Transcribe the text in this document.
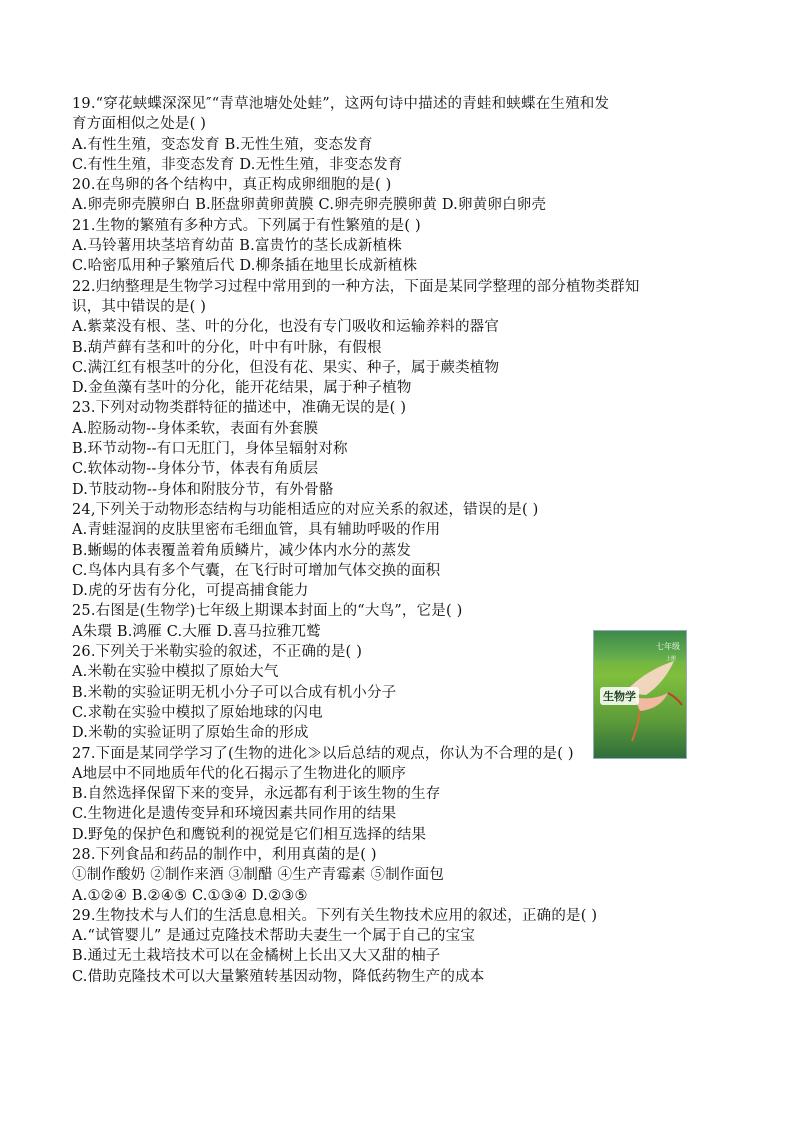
19.“穿花蛱蝶深深见″“青草池塘处处蛙”，这两句诗中描述的青蛙和蛱蝶在生殖和发
育方面相似之处是( )
A.有性生殖，变态发育 B.无性生殖，变态发育
C.有性生殖，非变态发育 D.无性生殖，非变态发育
20.在鸟卵的各个结构中，真正构成卵细胞的是( )
A.卵壳卵壳膜卵白 B.胚盘卵黄卵黄膜 C.卵壳卵壳膜卵黄 D.卵黄卵白卵壳
21.生物的繁殖有多种方式。下列属于有性繁殖的是( )
A.马铃薯用块茎培育幼苗 B.富贵竹的茎长成新植株
C.哈密瓜用种子繁殖后代 D.柳条插在地里长成新植株
22.归纳整理是生物学习过程中常用到的一种方法，下面是某同学整理的部分植物类群知
识，其中错误的是( )
A.紫菜没有根、茎、叶的分化，也没有专门吸收和运输养料的器官
B.葫芦藓有茎和叶的分化，叶中有叶脉，有假根
C.满江红有根茎叶的分化，但没有花、果实、种子，属于蕨类植物
D.金鱼藻有茎叶的分化，能开花结果，属于种子植物
23.下列对动物类群特征的描述中，准确无误的是( )
A.腔肠动物--身体柔软，表面有外套膜
B.环节动物--有口无肛门，身体呈辐射对称
C.软体动物--身体分节，体表有角质层
D.节肢动物--身体和附肢分节，有外骨骼
24,下列关于动物形态结构与功能相适应的对应关系的叙述，错误的是( )
A.青蛙湿润的皮肤里密布毛细血管，具有辅助呼吸的作用
B.蜥蜴的体表覆盖着角质鳞片，减少体内水分的蒸发
C.鸟体内具有多个气囊，在飞行时可增加气体交换的面积
D.虎的牙齿有分化，可提高捕食能力
25.右图是(生物学)七年级上期课本封面上的“大鸟”，它是( )
A朱環 B.鸿雁 C.大雁 D.喜马拉雅兀鹫
26.下列关于米勒实验的叙述，不正确的是( )
A.米勒在实验中模拟了原始大气
B.米勒的实验证明无机小分子可以合成有机小分子
C.求勒在实验中模拟了原始地球的闪电
D.米勒的实验证明了原始生命的形成
27.下面是某同学学习了(生物的进化≫以后总结的观点，你认为不合理的是( )
A地层中不同地质年代的化石揭示了生物进化的顺序
B.自然选择保留下来的变异，永远都有利于该生物的生存
C.生物进化是遗传变异和环境因素共同作用的结果
D.野兔的保护色和鹰锐利的视觉是它们相互选择的结果
28.下列食品和药品的制作中，利用真菌的是( )
①制作酸奶 ②制作来酒 ③制醋 ④生产青霉素 ⑤制作面包
A.①②④ B.②④⑤ C.①③④ D.②③⑤
29.生物技术与人们的生活息息相关。下列有关生物技术应用的叙述，正确的是( )
A.“试管婴儿” 是通过克隆技术帮助夫妻生一个属于自己的宝宝
B.通过无土栽培技术可以在金橘树上长出又大又甜的柚子
C.借助克隆技术可以大量繁殖转基因动物，降低药物生产的成本
七年级
上册
生物学
